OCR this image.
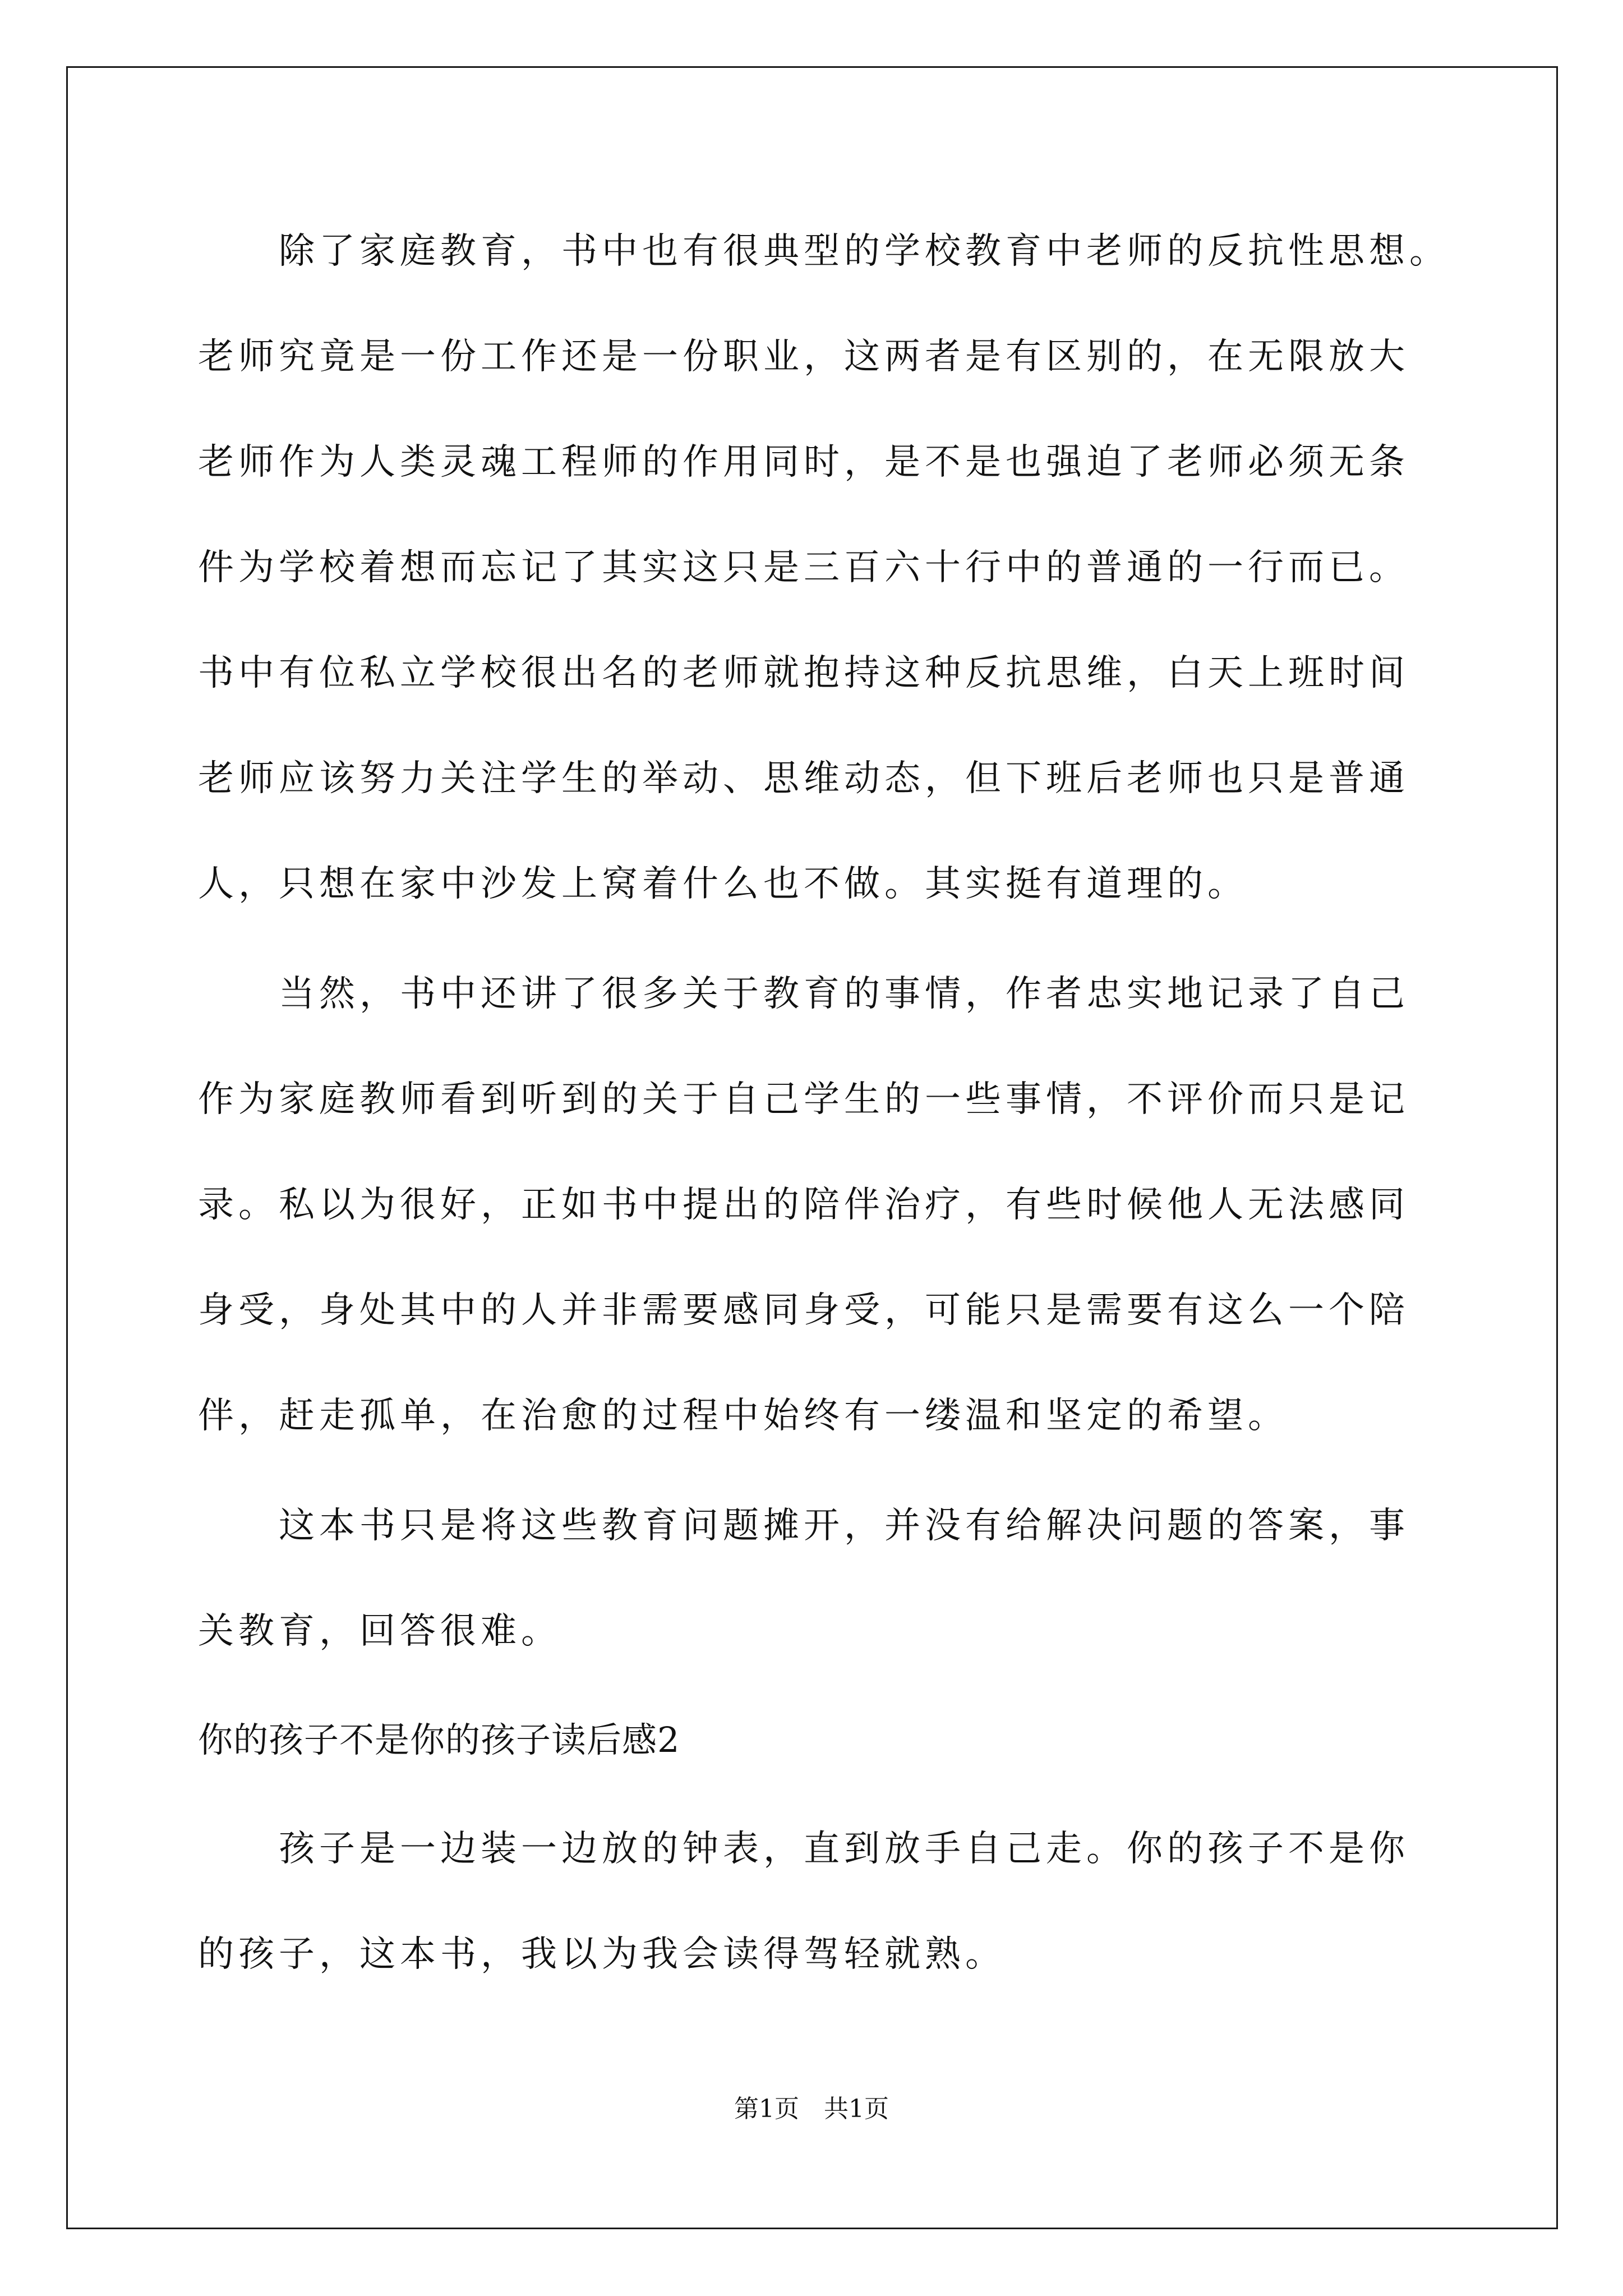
除了家庭教育，书中也有很典型的学校教育中老师的反抗性思想。
老师究竟是一份工作还是一份职业，这两者是有区别的，在无限放大
老师作为人类灵魂工程师的作用同时，是不是也强迫了老师必须无条
件为学校着想而忘记了其实这只是三百六十行中的普通的一行而已。
书中有位私立学校很出名的老师就抱持这种反抗思维，白天上班时间
老师应该努力关注学生的举动、思维动态，但下班后老师也只是普通
人，只想在家中沙发上窝着什么也不做。其实挺有道理的。
当然，书中还讲了很多关于教育的事情，作者忠实地记录了自己
作为家庭教师看到听到的关于自己学生的一些事情，不评价而只是记
录。私以为很好，正如书中提出的陪伴治疗，有些时候他人无法感同
身受，身处其中的人并非需要感同身受，可能只是需要有这么一个陪
伴，赶走孤单，在治愈的过程中始终有一缕温和坚定的希望。
这本书只是将这些教育问题摊开，并没有给解决问题的答案，事
关教育，回答很难。
你的孩子不是你的孩子读后感2
孩子是一边装一边放的钟表，直到放手自己走。你的孩子不是你
的孩子，这本书，我以为我会读得驾轻就熟。
第1页　共1页
